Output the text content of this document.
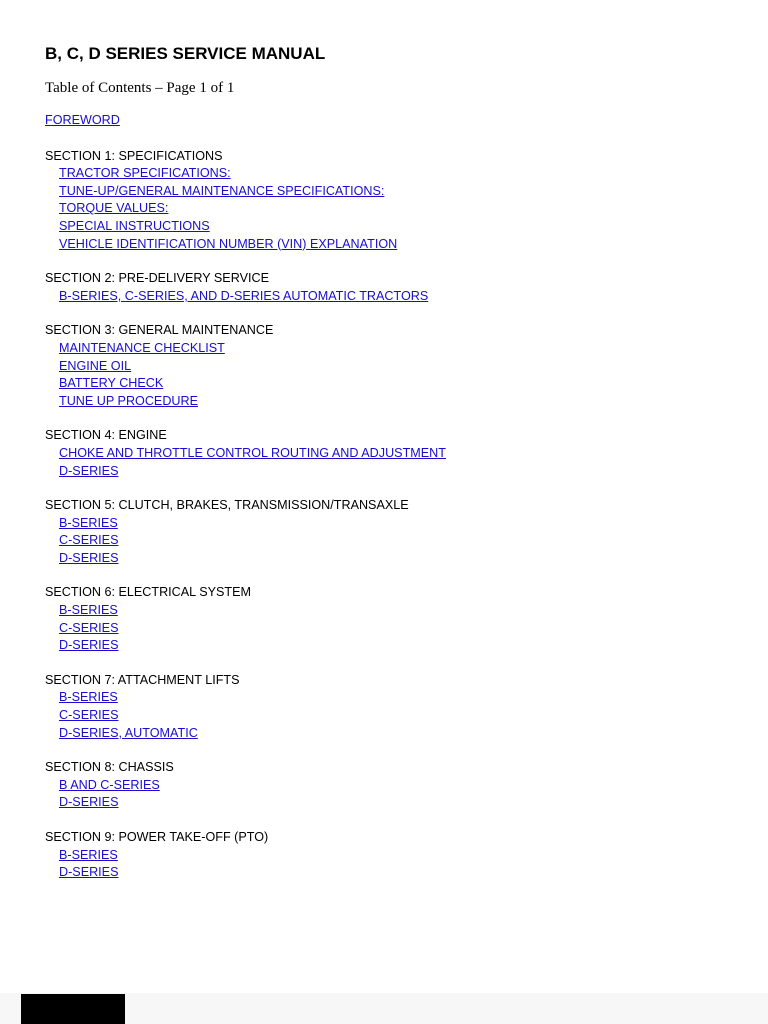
B, C, D SERIES SERVICE MANUAL
Table of Contents – Page 1 of 1
FOREWORD
SECTION 1: SPECIFICATIONS
TRACTOR SPECIFICATIONS:
TUNE-UP/GENERAL MAINTENANCE SPECIFICATIONS:
TORQUE VALUES:
SPECIAL INSTRUCTIONS
VEHICLE IDENTIFICATION NUMBER (VIN) EXPLANATION
SECTION 2: PRE-DELIVERY SERVICE
B-SERIES, C-SERIES, AND D-SERIES AUTOMATIC TRACTORS
SECTION 3: GENERAL MAINTENANCE
MAINTENANCE CHECKLIST
ENGINE OIL
BATTERY CHECK
TUNE UP PROCEDURE
SECTION 4: ENGINE
CHOKE AND THROTTLE CONTROL ROUTING AND ADJUSTMENT
D-SERIES
SECTION 5: CLUTCH, BRAKES, TRANSMISSION/TRANSAXLE
B-SERIES
C-SERIES
D-SERIES
SECTION 6: ELECTRICAL SYSTEM
B-SERIES
C-SERIES
D-SERIES
SECTION 7: ATTACHMENT LIFTS
B-SERIES
C-SERIES
D-SERIES, AUTOMATIC
SECTION 8: CHASSIS
B AND C-SERIES
D-SERIES
SECTION 9: POWER TAKE-OFF (PTO)
B-SERIES
D-SERIES
